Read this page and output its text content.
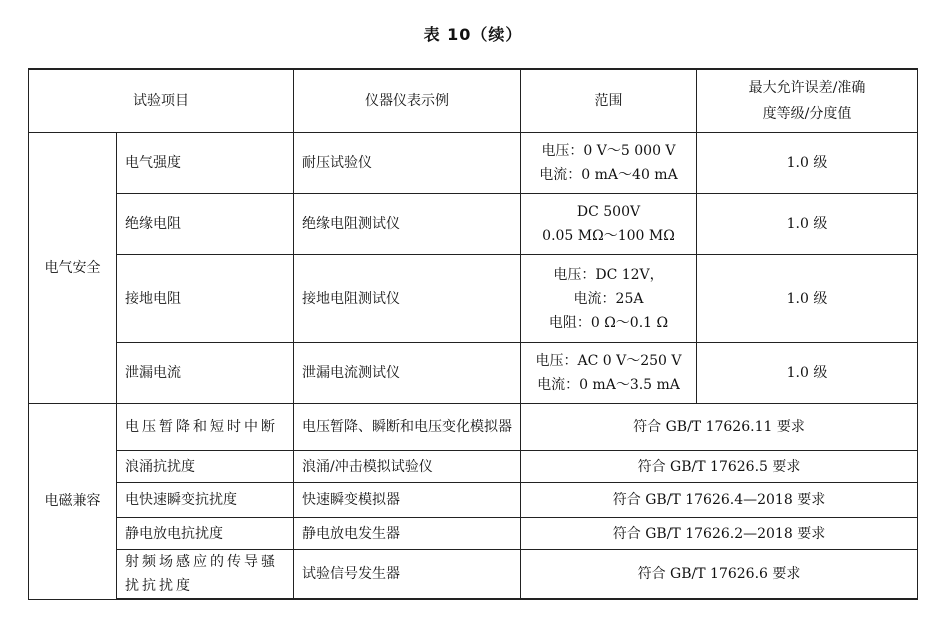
表 10（续）
试验项目		仪器仪表示例	范围	最大允许误差/准确
度等级/分度值
电气安全	电气强度	耐压试验仪	电压：0 V～5 000 V
电流：0 mA～40 mA	1.0 级
	绝缘电阻	绝缘电阻测试仪	DC 500V
0.05 MΩ～100 MΩ	1.0 级
	接地电阻	接地电阻测试仪	电压：DC 12V，
电流：25A
电阻：0 Ω～0.1 Ω	1.0 级
	泄漏电流	泄漏电流测试仪	电压：AC 0 V～250 V
电流：0 mA～3.5 mA	1.0 级
电磁兼容	电压暂降和短时中断	电压暂降、瞬断和电压变化模拟器	符合 GB/T 17626.11 要求	
	浪涌抗扰度	浪涌/冲击模拟试验仪	符合 GB/T 17626.5 要求	
	电快速瞬变抗扰度	快速瞬变模拟器	符合 GB/T 17626.4—2018 要求	
	静电放电抗扰度	静电放电发生器	符合 GB/T 17626.2—2018 要求	
	射频场感应的传导骚扰抗扰度	试验信号发生器	符合 GB/T 17626.6 要求	
